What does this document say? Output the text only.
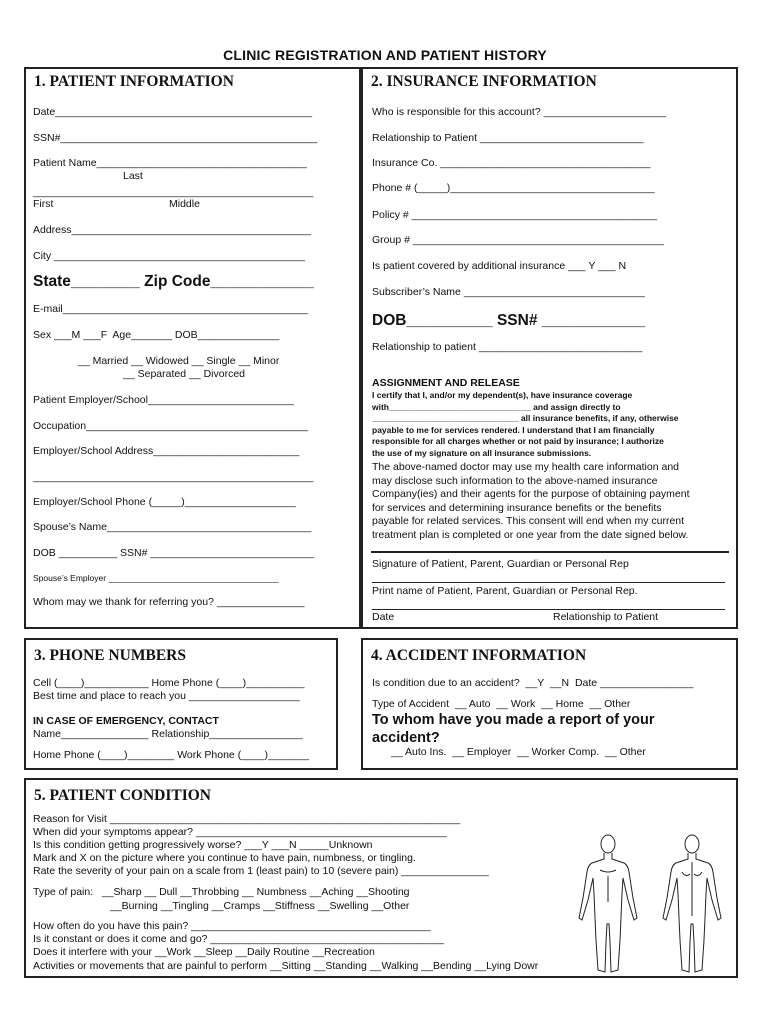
CLINIC REGISTRATION AND PATIENT HISTORY
1. PATIENT INFORMATION
Date____________________________________________
SSN#____________________________________________
Patient Name____________________________________
Last
________________________________________________
First	Middle
Address_________________________________________
City ___________________________________________
State________ Zip Code____________
E-mail__________________________________________
Sex ___M ___F  Age_______ DOB______________
__ Married __ Widowed __ Single __ Minor
__ Separated __ Divorced
Patient Employer/School_________________________
Occupation______________________________________
Employer/School Address_________________________
________________________________________________
Employer/School Phone (_____)___________________
Spouse’s Name___________________________________
DOB __________ SSN# ____________________________
Spouse’s Employer ____________________________________
Whom may we thank for referring you? _______________
2. INSURANCE INFORMATION
Who is responsible for this account? _____________________
Relationship to Patient ____________________________
Insurance Co. ____________________________________
Phone # (_____)___________________________________
Policy # __________________________________________
Group # ___________________________________________
Is patient covered by additional insurance ___ Y ___ N
Subscriber’s Name _______________________________
DOB__________ SSN# ____________
Relationship to patient ____________________________
ASSIGNMENT AND RELEASE
I certify that I, and/or my dependent(s), have insurance coverage
with______________________________ and assign directly to
_______________________________ all insurance benefits, if any, otherwise
payable to me for services rendered. I understand that I am financially
responsible for all charges whether or not paid by insurance; I authorize
the use of my signature on all insurance submissions.
The above-named doctor may use my health care information and
may disclose such information to the above-named insurance
Company(ies) and their agents for the purpose of obtaining payment
for services and determining insurance benefits or the benefits
payable for related services. This consent will end when my current
treatment plan is completed or one year from the date signed below.
Signature of Patient, Parent, Guardian or Personal Rep
Print name of Patient, Parent, Guardian or Personal Rep.
Date	Relationship to Patient
3. PHONE NUMBERS
Cell (____)___________ Home Phone (____)__________
Best time and place to reach you ___________________
IN CASE OF EMERGENCY, CONTACT
Name_______________ Relationship________________
Home Phone (____)________ Work Phone (____)_______
4. ACCIDENT INFORMATION
Is condition due to an accident?  __Y  __N  Date ________________
Type of Accident  __ Auto  __ Work  __ Home  __ Other
To whom have you made a report of your
accident?
__ Auto Ins.  __ Employer  __ Worker Comp.  __ Other
5. PATIENT CONDITION
Reason for Visit ____________________________________________________________
When did your symptoms appear? ___________________________________________
Is this condition getting progressively worse? ___Y ___N _____Unknown
Mark and X on the picture where you continue to have pain, numbness, or tingling.
Rate the severity of your pain on a scale from 1 (least pain) to 10 (severe pain) _______________
Type of pain:   __Sharp __ Dull __Throbbing __ Numbness __Aching __Shooting
__Burning __Tingling __Cramps __Stiffness __Swelling __Other
How often do you have this pain? _________________________________________
Is it constant or does it come and go? ________________________________________
Does it interfere with your __Work __Sleep __Daily Routine __Recreation
Activities or movements that are painful to perform __Sitting __Standing __Walking __Bending __Lying Dowr
